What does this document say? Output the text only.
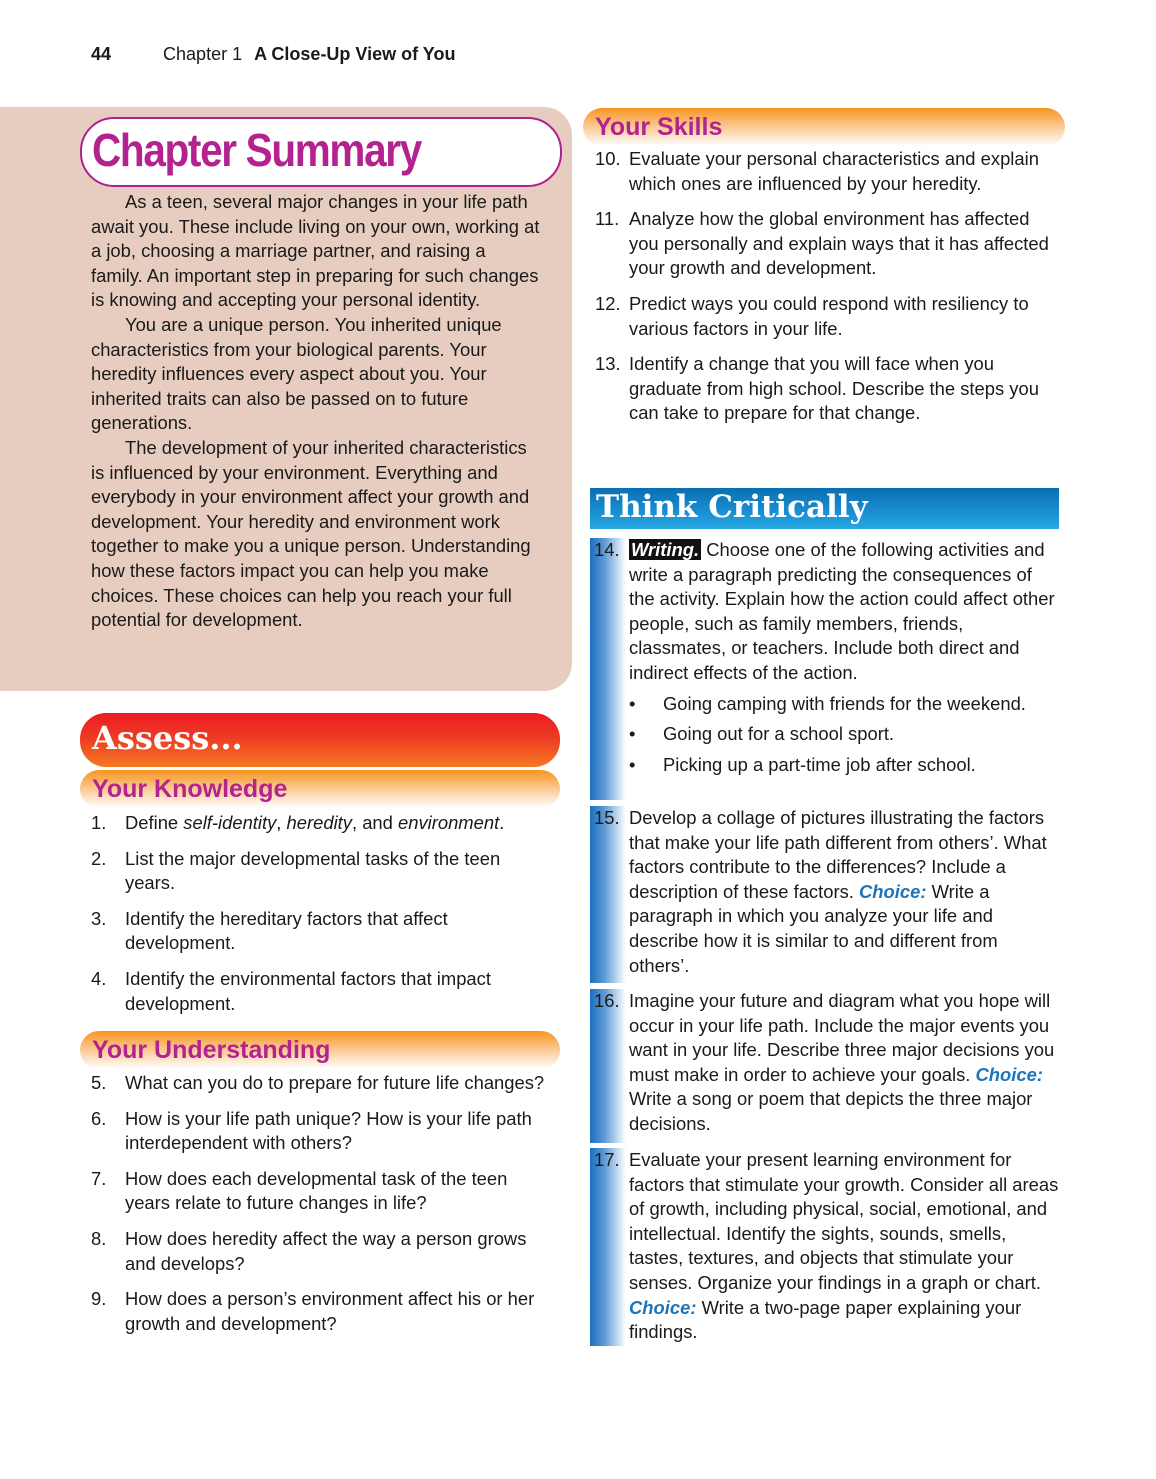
44	Chapter 1 A Close-Up View of You
Chapter Summary

As a teen, several major changes in your life path await you. These include living on your own, working at a job, choosing a marriage partner, and raising a family. An important step in preparing for such changes is knowing and accepting your personal identity.

You are a unique person. You inherited unique characteristics from your biological parents. Your heredity influences every aspect about you. Your inherited traits can also be passed on to future generations.

The development of your inherited characteristics is influenced by your environment. Everything and everybody in your environment affect your growth and development. Your heredity and environment work together to make you a unique person. Understanding how these factors impact you can help you make choices. These choices can help you reach your full potential for development.

Assess...
Your Knowledge
1. Define self-identity, heredity, and environment.
2. List the major developmental tasks of the teen years.
3. Identify the hereditary factors that affect development.
4. Identify the environmental factors that impact development.
Your Understanding
5. What can you do to prepare for future life changes?
6. How is your life path unique? How is your life path interdependent with others?
7. How does each developmental task of the teen years relate to future changes in life?
8. How does heredity affect the way a person grows and develops?
9. How does a person’s environment affect his or her growth and development?
Your Skills
10. Evaluate your personal characteristics and explain which ones are influenced by your heredity.
11. Analyze how the global environment has affected you personally and explain ways that it has affected your growth and development.
12. Predict ways you could respond with resiliency to various factors in your life.
13. Identify a change that you will face when you graduate from high school. Describe the steps you can take to prepare for that change.
Think Critically
14. Writing. Choose one of the following activities and write a paragraph predicting the consequences of the activity. Explain how the action could affect other people, such as family members, friends, classmates, or teachers. Include both direct and indirect effects of the action.
• Going camping with friends for the weekend.
• Going out for a school sport.
• Picking up a part-time job after school.
15. Develop a collage of pictures illustrating the factors that make your life path different from others’. What factors contribute to the differences? Include a description of these factors. Choice: Write a paragraph in which you analyze your life and describe how it is similar to and different from others’.
16. Imagine your future and diagram what you hope will occur in your life path. Include the major events you want in your life. Describe three major decisions you must make in order to achieve your goals. Choice: Write a song or poem that depicts the three major decisions.
17. Evaluate your present learning environment for factors that stimulate your growth. Consider all areas of growth, including physical, social, emotional, and intellectual. Identify the sights, sounds, smells, tastes, textures, and objects that stimulate your senses. Organize your findings in a graph or chart. Choice: Write a two-page paper explaining your findings.
